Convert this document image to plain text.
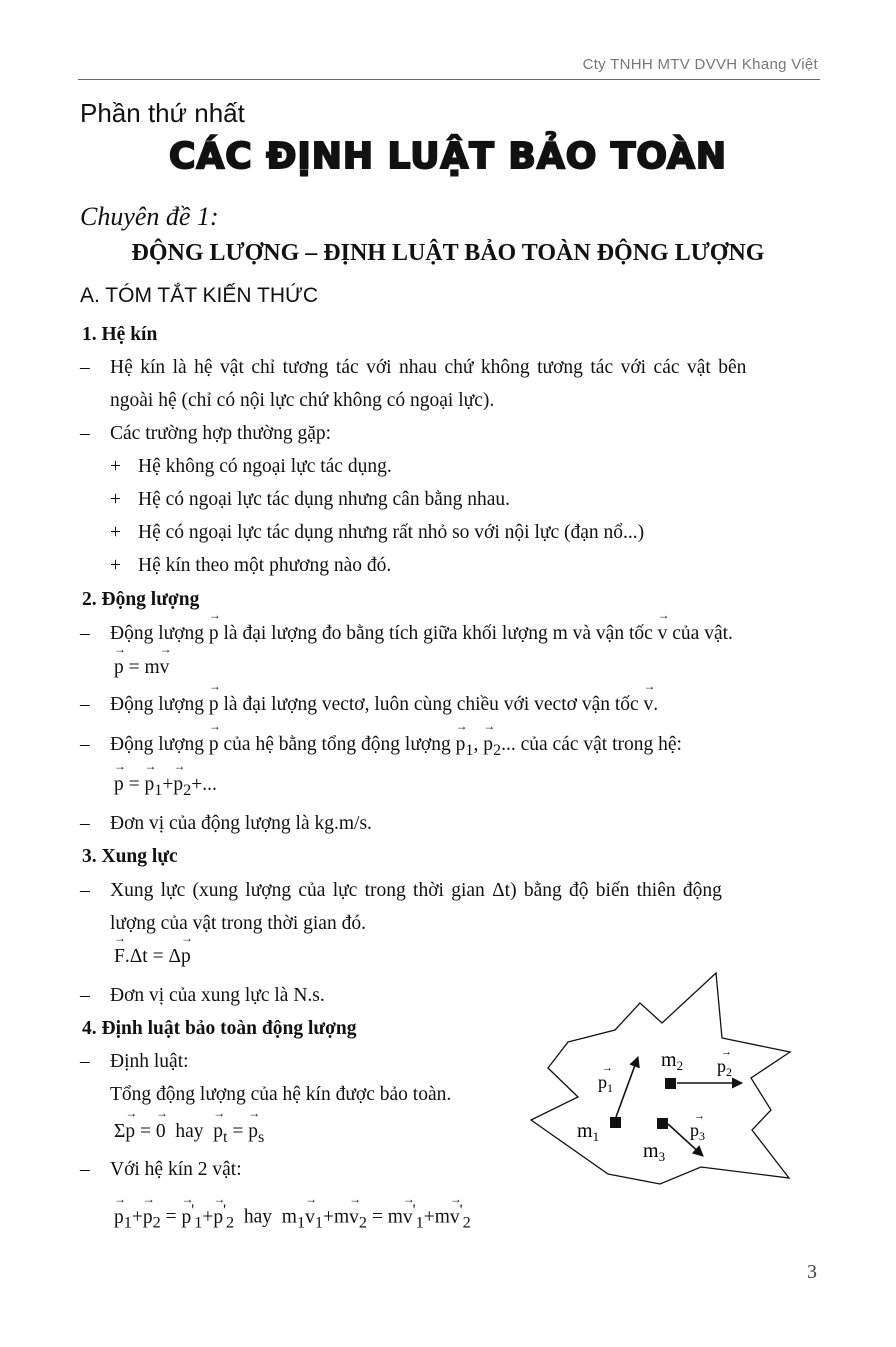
Cty TNHH MTV DVVH Khang Việt
Phần thứ nhất
CÁC ĐỊNH LUẬT BẢO TOÀN
Chuyên đề 1:
ĐỘNG LƯỢNG – ĐỊNH LUẬT BẢO TOÀN ĐỘNG LƯỢNG
A. TÓM TẮT KIẾN THỨC
1. Hệ kín
– Hệ kín là hệ vật chỉ tương tác với nhau chứ không tương tác với các vật bên
ngoài hệ (chỉ có nội lực chứ không có ngoại lực).
– Các trường hợp thường gặp:
+ Hệ không có ngoại lực tác dụng.
+ Hệ có ngoại lực tác dụng nhưng cân bằng nhau.
+ Hệ có ngoại lực tác dụng nhưng rất nhỏ so với nội lực (đạn nổ...)
+ Hệ kín theo một phương nào đó.
2. Động lượng
– Động lượng → p là đại lượng đo bằng tích giữa khối lượng m và vận tốc → v của vật.
→ p = m→ v
– Động lượng → p là đại lượng vectơ, luôn cùng chiều với vectơ vận tốc → v.
– Động lượng → p của hệ bằng tổng động lượng → $p_1$, → $p_2$... của các vật trong hệ:
→ p = → $p_1+\to p_2+$...
– Đơn vị của động lượng là kg.m/s.
3. Xung lực
– Xung lực (xung lượng của lực trong thời gian Δt) bằng độ biến thiên động
lượng của vật trong thời gian đó.
→ F.Δt = Δ→ p
– Đơn vị của xung lực là N.s.
4. Định luật bảo toàn động lượng
– Định luật:
Tổng động lượng của hệ kín được bảo toàn.
Σ→ p = → 0 hay → $p_t$ = → $p_s$
– Với hệ kín 2 vật:
→ $p_1+\to p_2$ = → $p'_1+\to p'_2$ hay $m_1\to v_1+m\to v_2 = m\to v'_1+m\to v'_2$
$m_1$
$m_2$
$m_3$
→
$p_1$
→
$p_2$
→
$p_3$
3
